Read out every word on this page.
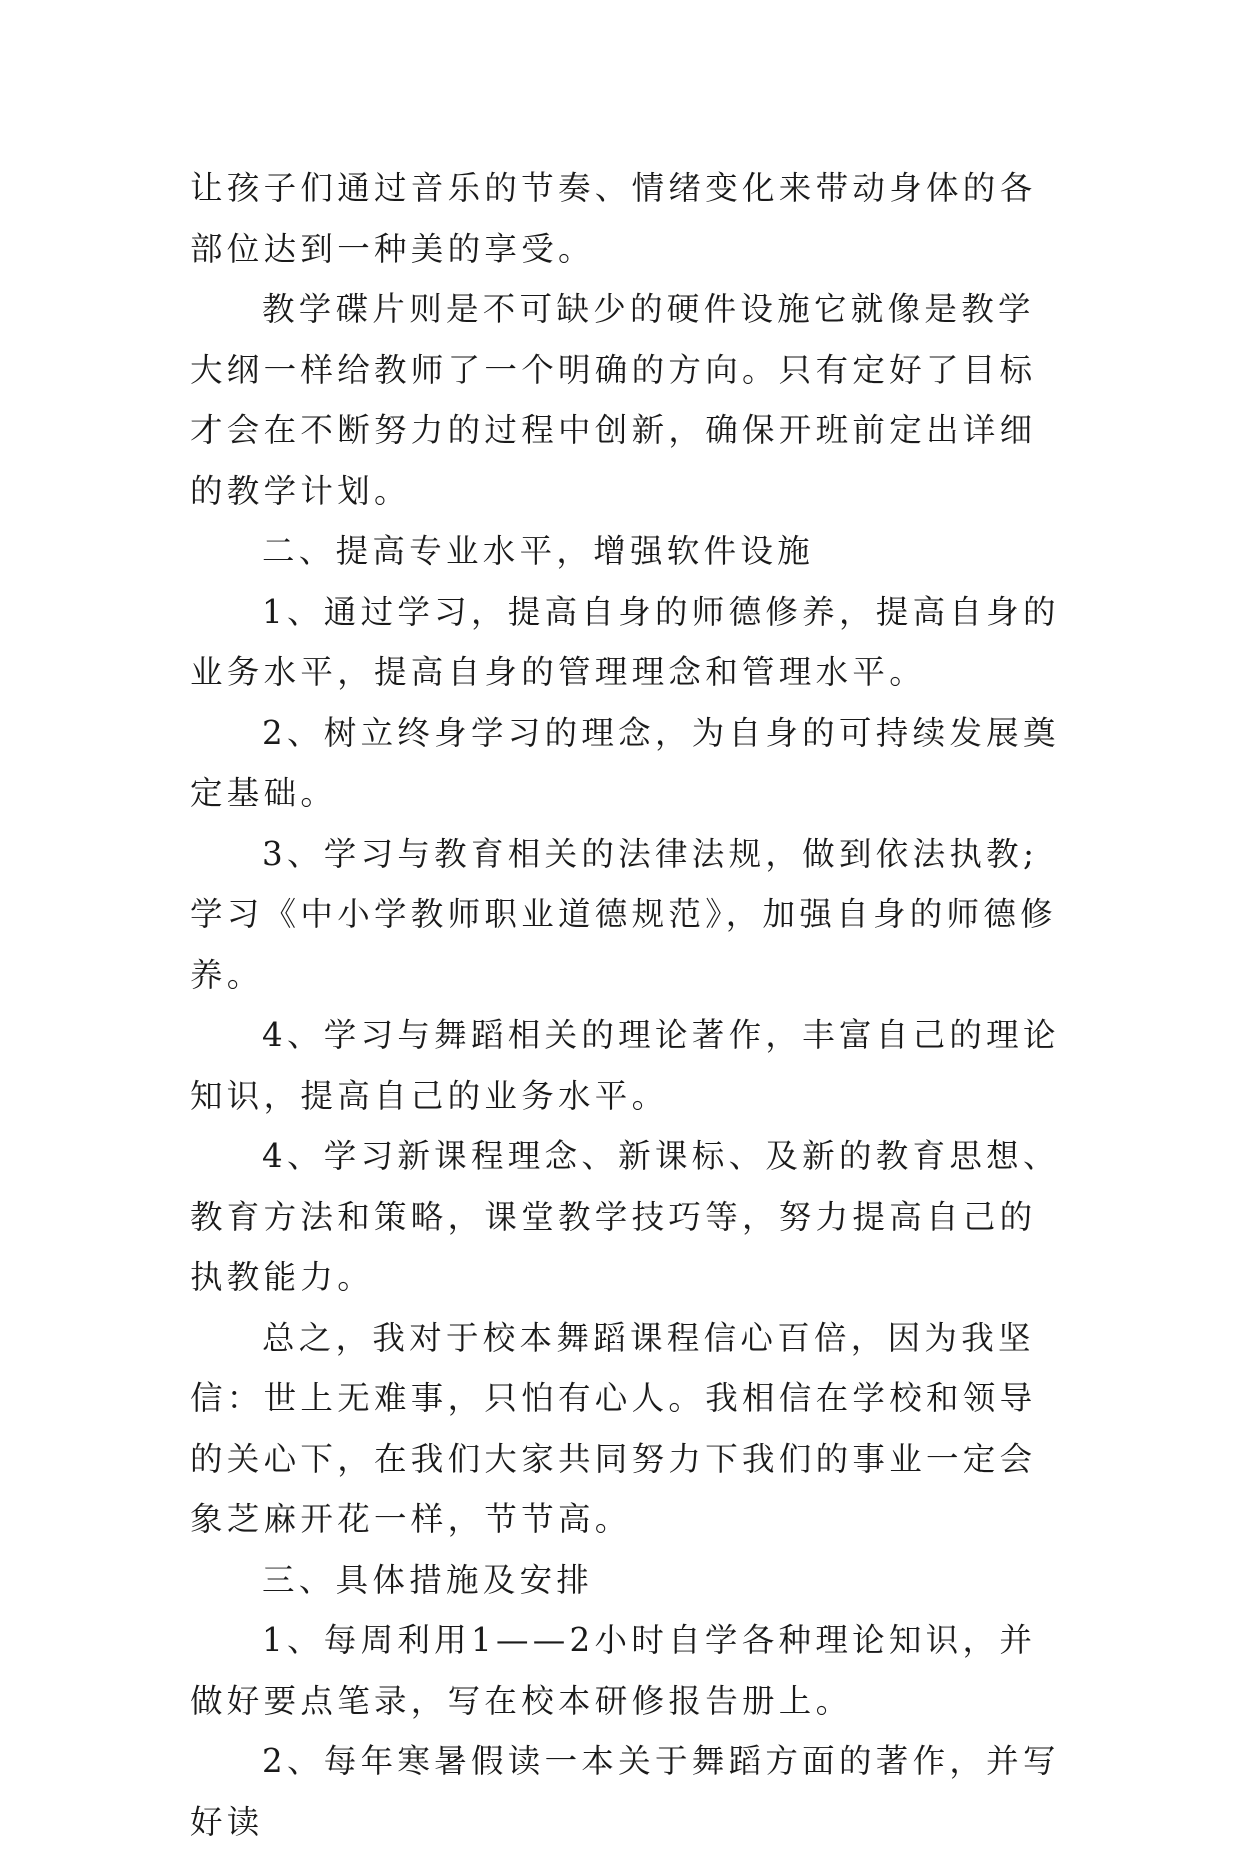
让孩子们通过音乐的节奏、情绪变化来带动身体的各部位达到一种美的享受。

教学碟片则是不可缺少的硬件设施它就像是教学大纲一样给教师了一个明确的方向。只有定好了目标才会在不断努力的过程中创新，确保开班前定出详细的教学计划。

二、提高专业水平，增强软件设施

1、通过学习，提高自身的师德修养，提高自身的业务水平，提高自身的管理理念和管理水平。

2、树立终身学习的理念，为自身的可持续发展奠定基础。

3、学习与教育相关的法律法规，做到依法执教;学习《中小学教师职业道德规范》，加强自身的师德修养。

4、学习与舞蹈相关的理论著作，丰富自己的理论知识，提高自己的业务水平。

4、学习新课程理念、新课标、及新的教育思想、教育方法和策略，课堂教学技巧等，努力提高自己的执教能力。

总之，我对于校本舞蹈课程信心百倍，因为我坚信：世上无难事，只怕有心人。我相信在学校和领导的关心下，在我们大家共同努力下我们的事业一定会象芝麻开花一样，节节高。

三、具体措施及安排

1、每周利用1——2小时自学各种理论知识，并做好要点笔录，写在校本研修报告册上。

2、每年寒暑假读一本关于舞蹈方面的著作，并写好读
